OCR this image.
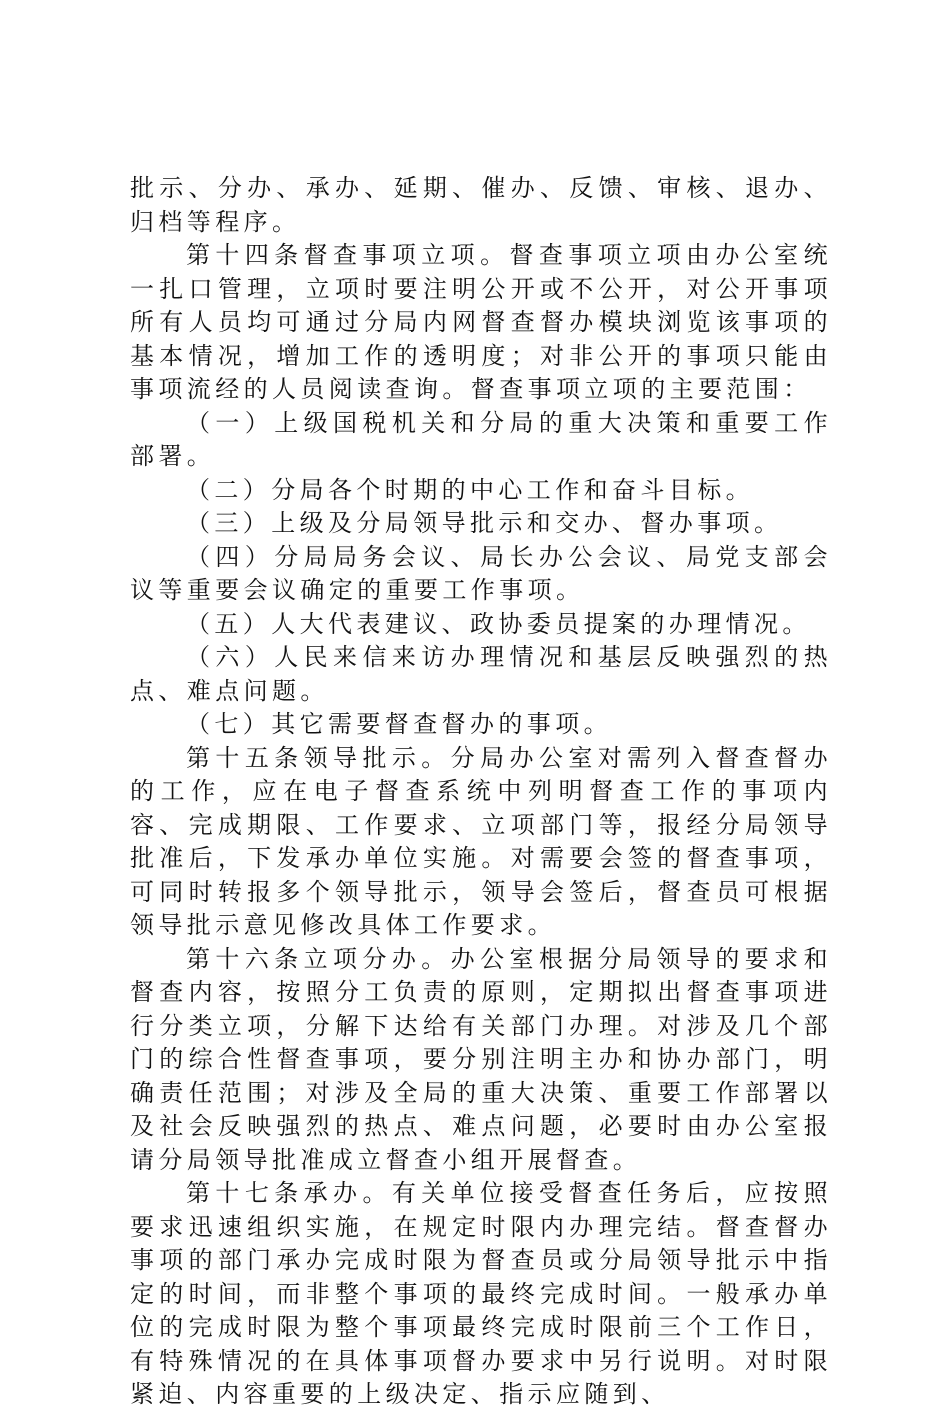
批示、分办、承办、延期、催办、反馈、审核、退办、归档等程序。

第十四条督查事项立项。督查事项立项由办公室统一扎口管理，立项时要注明公开或不公开，对公开事项所有人员均可通过分局内网督查督办模块浏览该事项的基本情况，增加工作的透明度；对非公开的事项只能由事项流经的人员阅读查询。督查事项立项的主要范围：

（一）上级国税机关和分局的重大决策和重要工作部署。

（二）分局各个时期的中心工作和奋斗目标。

（三）上级及分局领导批示和交办、督办事项。

（四）分局局务会议、局长办公会议、局党支部会议等重要会议确定的重要工作事项。

（五）人大代表建议、政协委员提案的办理情况。

（六）人民来信来访办理情况和基层反映强烈的热点、难点问题。

（七）其它需要督查督办的事项。

第十五条领导批示。分局办公室对需列入督查督办的工作，应在电子督查系统中列明督查工作的事项内容、完成期限、工作要求、立项部门等，报经分局领导批准后，下发承办单位实施。对需要会签的督查事项，可同时转报多个领导批示，领导会签后，督查员可根据领导批示意见修改具体工作要求。

第十六条立项分办。办公室根据分局领导的要求和督查内容，按照分工负责的原则，定期拟出督查事项进行分类立项，分解下达给有关部门办理。对涉及几个部门的综合性督查事项，要分别注明主办和协办部门，明确责任范围；对涉及全局的重大决策、重要工作部署以及社会反映强烈的热点、难点问题，必要时由办公室报请分局领导批准成立督查小组开展督查。

第十七条承办。有关单位接受督查任务后，应按照要求迅速组织实施，在规定时限内办理完结。督查督办事项的部门承办完成时限为督查员或分局领导批示中指定的时间，而非整个事项的最终完成时间。一般承办单位的完成时限为整个事项最终完成时限前三个工作日，有特殊情况的在具体事项督办要求中另行说明。对时限紧迫、内容重要的上级决定、指示应随到、
